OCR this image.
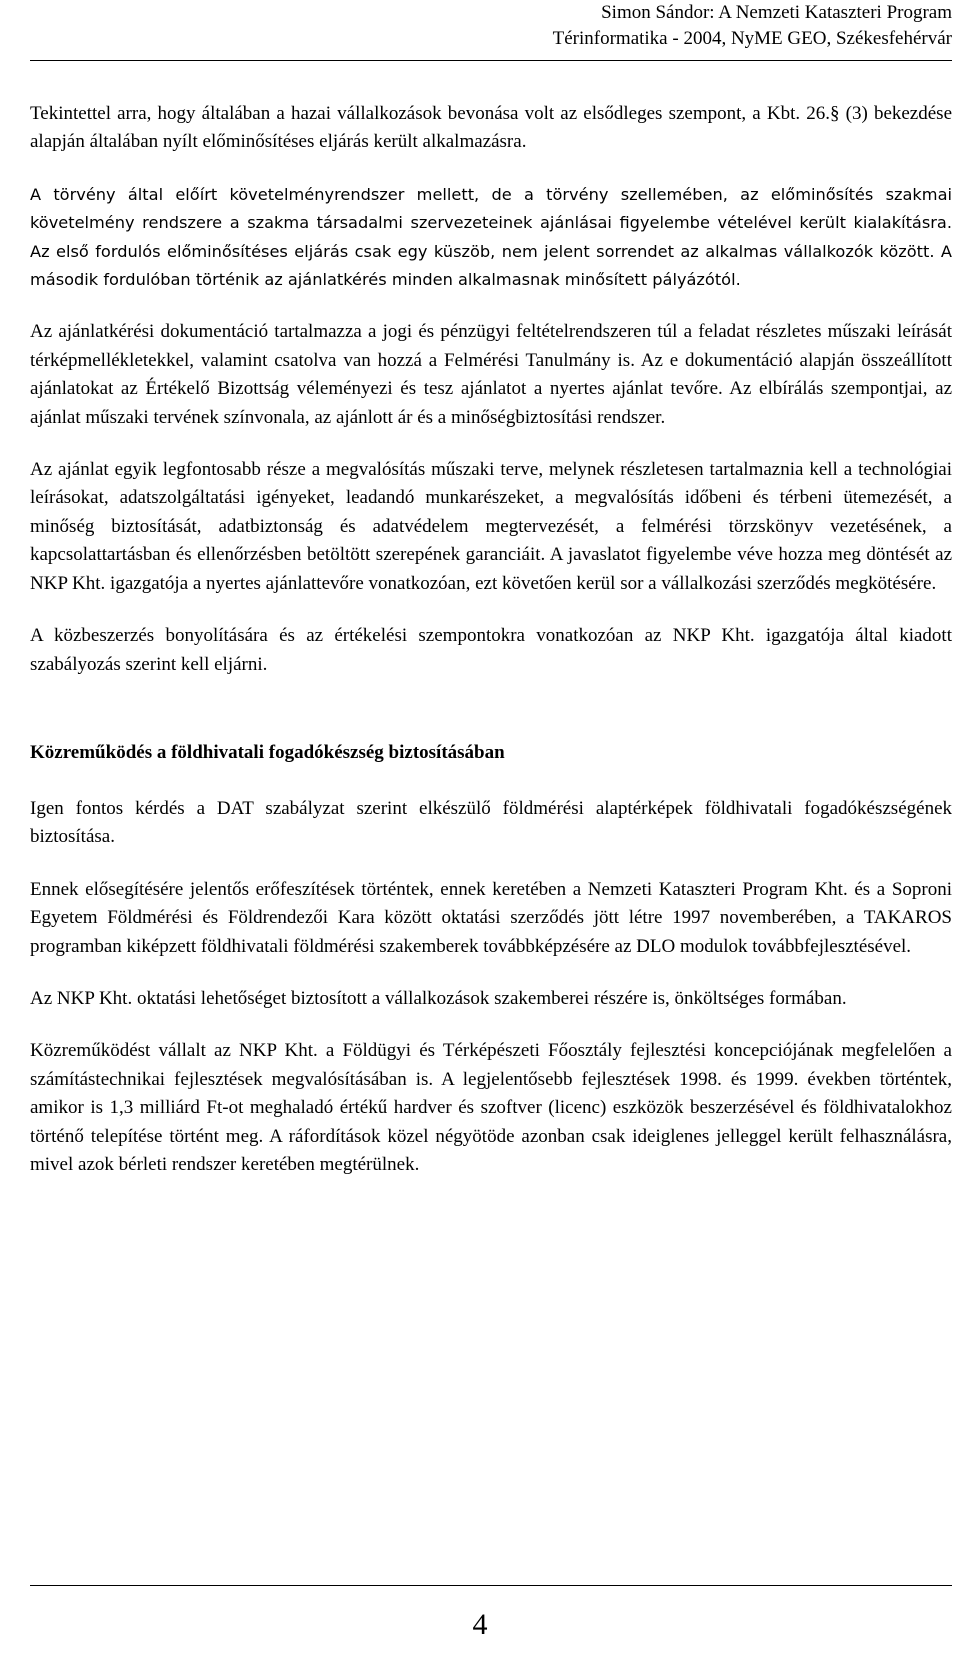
Simon Sándor: A Nemzeti Kataszteri Program
Térinformatika - 2004, NyME GEO, Székesfehérvár

Tekintettel arra, hogy általában a hazai vállalkozások bevonása volt az elsődleges szempont, a Kbt. 26.§ (3) bekezdése alapján általában nyílt előminősítéses eljárás került alkalmazásra.

A törvény által előírt követelményrendszer mellett, de a törvény szellemében, az előminősítés szakmai követelmény rendszere a szakma társadalmi szervezeteinek ajánlásai figyelembe vételével került kialakításra. Az első fordulós előminősítéses eljárás csak egy küszöb, nem jelent sorrendet az alkalmas vállalkozók között. A második fordulóban történik az ajánlatkérés minden alkalmasnak minősített pályázótól.

Az ajánlatkérési dokumentáció tartalmazza a jogi és pénzügyi feltételrendszeren túl a feladat részletes műszaki leírását térképmellékletekkel, valamint csatolva van hozzá a Felmérési Tanulmány is. Az e dokumentáció alapján összeállított ajánlatokat az Értékelő Bizottság véleményezi és tesz ajánlatot a nyertes ajánlat tevőre. Az elbírálás szempontjai, az ajánlat műszaki tervének színvonala, az ajánlott ár és a minőségbiztosítási rendszer.

Az ajánlat egyik legfontosabb része a megvalósítás műszaki terve, melynek részletesen tartalmaznia kell a technológiai leírásokat, adatszolgáltatási igényeket, leadandó munkarészeket, a megvalósítás időbeni és térbeni ütemezését, a minőség biztosítását, adatbiztonság és adatvédelem megtervezését, a felmérési törzskönyv vezetésének, a kapcsolattartásban és ellenőrzésben betöltött szerepének garanciáit. A javaslatot figyelembe véve hozza meg döntését az NKP Kht. igazgatója a nyertes ajánlattevőre vonatkozóan, ezt követően kerül sor a vállalkozási szerződés megkötésére.

A közbeszerzés bonyolítására és az értékelési szempontokra vonatkozóan az NKP Kht. igazgatója által kiadott szabályozás szerint kell eljárni.

Közreműködés a földhivatali fogadókészség biztosításában

Igen fontos kérdés a DAT szabályzat szerint elkészülő földmérési alaptérképek földhivatali fogadókészségének biztosítása.

Ennek elősegítésére jelentős erőfeszítések történtek, ennek keretében a Nemzeti Kataszteri Program Kht. és a Soproni Egyetem Földmérési és Földrendezői Kara között oktatási szerződés jött létre 1997 novemberében, a TAKAROS programban kiképzett földhivatali földmérési szakemberek továbbképzésére az DLO modulok továbbfejlesztésével.

Az NKP Kht. oktatási lehetőséget biztosított a vállalkozások szakemberei részére is, önköltséges formában.

Közreműködést vállalt az NKP Kht. a Földügyi és Térképészeti Főosztály fejlesztési koncepciójának megfelelően a számítástechnikai fejlesztések megvalósításában is. A legjelentősebb fejlesztések 1998. és 1999. években történtek, amikor is 1,3 milliárd Ft-ot meghaladó értékű hardver és szoftver (licenc) eszközök beszerzésével és földhivatalokhoz történő telepítése történt meg. A ráfordítások közel négyötöde azonban csak ideiglenes jelleggel került felhasználásra, mivel azok bérleti rendszer keretében megtérülnek.

4
